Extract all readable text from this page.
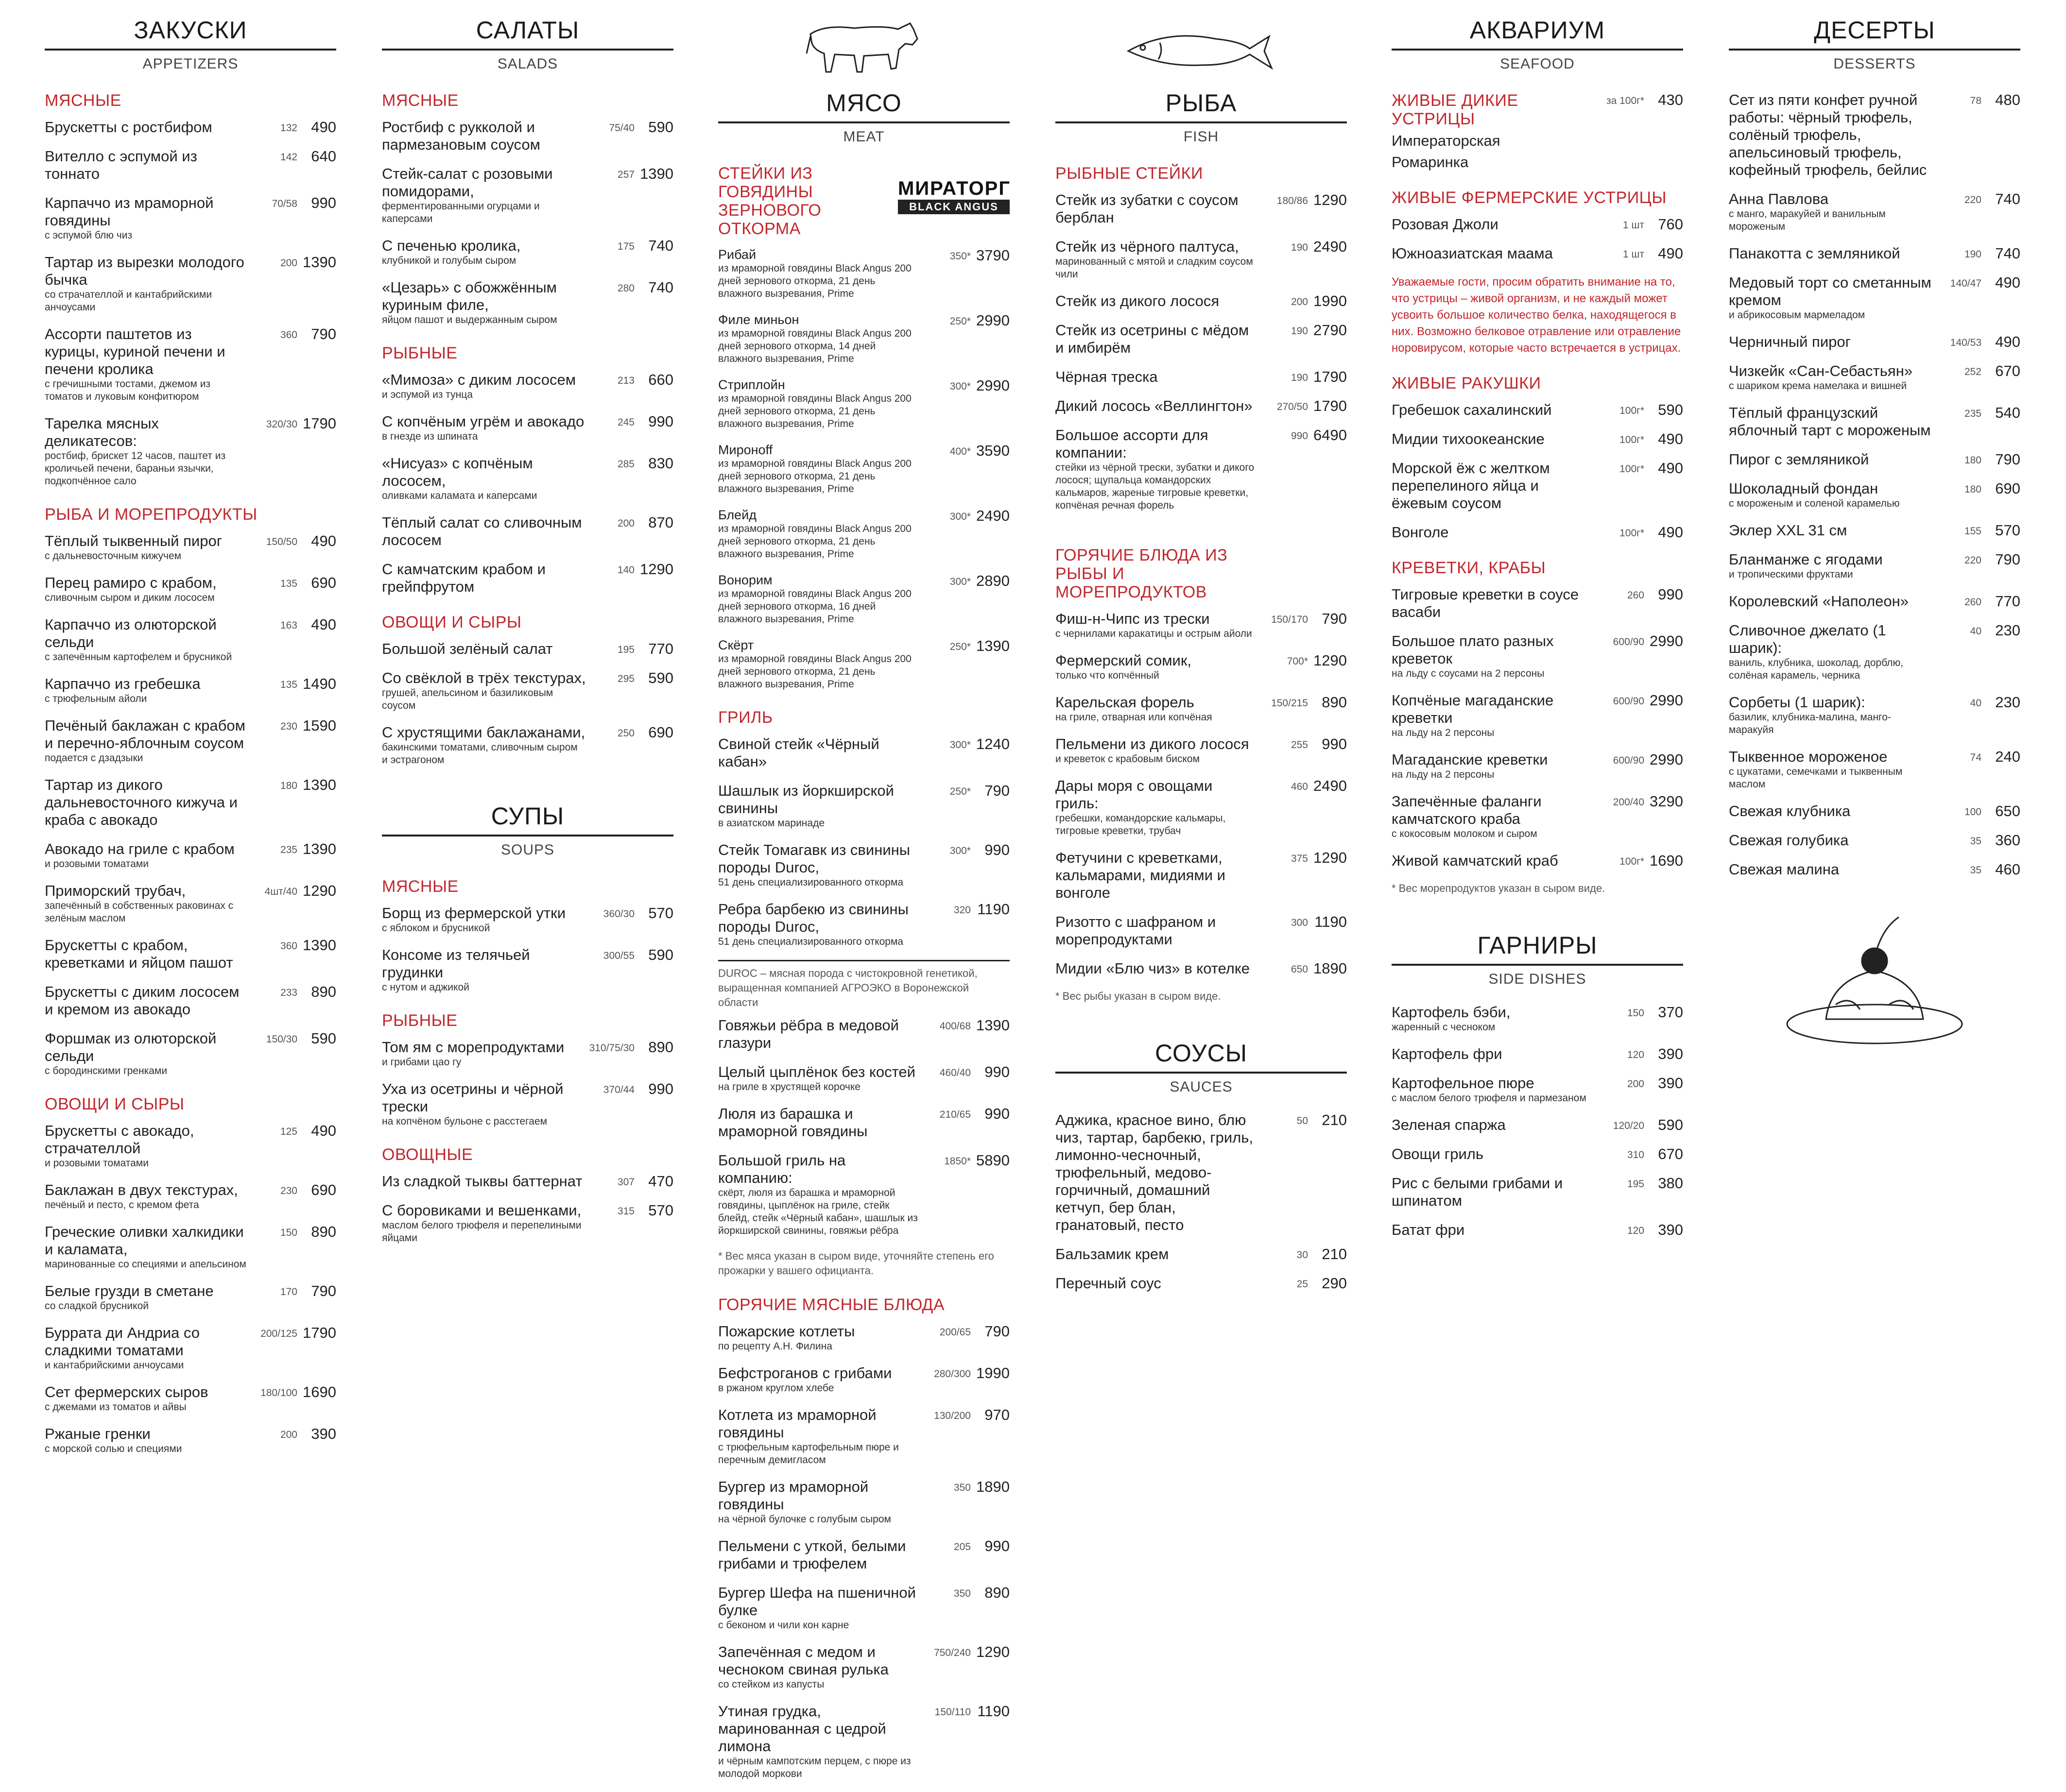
ЗАКУСКИ
APPETIZERS
МЯСНЫЕ
Брускетты с ростбифом	132 490
Вителло с эспумой из тоннато
142 640
Карпаччо из мраморной говядины
с эспумой блю чиз
70/58 990
Тартар из вырезки молодого бычка
со страчателлой и кантабрийскими анчоусами
200 1390
Ассорти паштетов из курицы, куриной печени и печени кролика
с гречишными тостами, джемом из томатов и луковым конфитюром
360 790
Тарелка мясных деликатесов:
ростбиф, брискет 12 часов, паштет из кроличьей печени, бараньи язычки, подкопчённое сало
320/30 1790
РЫБА И МОРЕПРОДУКТЫ
Тёплый тыквенный пирог
с дальневосточным кижучем
150/50 490
Перец рамиро с крабом,
сливочным сыром и диким лососем
135 690
Карпаччо из олюторской сельди
с запечённым картофелем и брусникой
163 490
Карпаччо из гребешка
с трюфельным айоли
135 1490
Печёный баклажан с крабом и перечно-яблочным соусом
подается с дзадзыки
230 1590
Тартар из дикого дальневосточного кижуча и краба с авокадо
180 1390
Авокадо на гриле с крабом
и розовыми томатами
235 1390
Приморский трубач,
запечённый в собственных раковинах с зелёным маслом
4шт/40 1290
Брускетты с крабом, креветками и яйцом пашот
360 1390
Брускетты с диким лососем и кремом из авокадо
233 890
Форшмак из олюторской сельди
с бородинскими гренками
150/30 590
ОВОЩИ И СЫРЫ
Брускетты с авокадо, страчателлой
и розовыми томатами
125 490
Баклажан в двух текстурах,
печёный и песто, с кремом фета
230 690
Греческие оливки халкидики и каламата,
маринованные со специями и апельсином
150 890
Белые грузди в сметане
со сладкой брусникой
170 790
Буррата ди Андриа со сладкими томатами
и кантабрийскими анчоусами
200/125 1790
Сет фермерских сыров
с джемами из томатов и айвы
180/100 1690
Ржаные гренки
с морской солью и специями
200 390
САЛАТЫ
SALADS
МЯСНЫЕ
Ростбиф с рукколой и пармезановым соусом
75/40 590
Стейк-салат с розовыми помидорами,
ферментированными огурцами и каперсами
257 1390
С печенью кролика,
клубникой и голубым сыром
175 740
«Цезарь» с обожжённым куриным филе,
яйцом пашот и выдержанным сыром
280 740
РЫБНЫЕ
«Мимоза» с диким лососем
и эспумой из тунца
213 660
С копчёным угрём и авокадо
в гнезде из шпината
245 990
«Нисуаз» с копчёным лососем,
оливками каламата и каперсами
285 830
Тёплый салат со сливочным лососем
200 870
С камчатским крабом и грейпфрутом
140 1290
ОВОЩИ И СЫРЫ
Большой зелёный салат	195 770
Со свёклой в трёх текстурах,
грушей, апельсином и базиликовым соусом
295 590
С хрустящими баклажанами,
бакинскими томатами, сливочным сыром и эстрагоном
250 690
СУПЫ
SOUPS
МЯСНЫЕ
Борщ из фермерской утки
с яблоком и брусникой
360/30 570
Консоме из телячьей грудинки
с нутом и аджикой
300/55 590
РЫБНЫЕ
Том ям с морепродуктами
и грибами цао гу
310/75/30 890
Уха из осетрины и чёрной трески
на копчёном бульоне с расстегаем
370/44 990
ОВОЩНЫЕ
Из сладкой тыквы баттернат	307 470
С боровиками и вешенками,
маслом белого трюфеля и перепелиными яйцами
315 570
МЯСО
MEAT
МИРАТОРГ
BLACK ANGUS
СТЕЙКИ ИЗ ГОВЯДИНЫ ЗЕРНОВОГО ОТКОРМА
Рибай
из мраморной говядины Black Angus 200 дней зернового откорма, 21 день влажного вызревания, Prime
350* 3790
Филе миньон
из мраморной говядины Black Angus 200 дней зернового откорма, 14 дней влажного вызревания, Prime
250* 2990
Стриплойн
из мраморной говядины Black Angus 200 дней зернового откорма, 21 день влажного вызревания, Prime
300* 2990
Миронoff
из мраморной говядины Black Angus 200 дней зернового откорма, 21 день влажного вызревания, Prime
400* 3590
Блейд
из мраморной говядины Black Angus 200 дней зернового откорма, 21 день влажного вызревания, Prime
300* 2490
Вонорим
из мраморной говядины Black Angus 200 дней зернового откорма, 16 дней влажного вызревания, Prime
300* 2890
Скёрт
из мраморной говядины Black Angus 200 дней зернового откорма, 21 день влажного вызревания, Prime
250* 1390
ГРИЛЬ
Свиной стейк «Чёрный кабан»
300* 1240
Шашлык из йоркширской свинины
в азиатском маринаде
250* 790
Стейк Томагавк из свинины породы Duroc,
51 день специализированного откорма
300* 990
Ребра барбекю из свинины породы Duroc,
51 день специализированного откорма
320 1190
DUROC – мясная порода с чистокровной генетикой, выращенная компанией АГРОЭКО в Воронежской области
Говяжьи рёбра в медовой глазури
400/68 1390
Целый цыплёнок без костей
на гриле в хрустящей корочке
460/40 990
Люля из барашка и мраморной говядины
210/65 990
Большой гриль на компанию:
скёрт, люля из барашка и мраморной говядины, цыплёнок на гриле, стейк блейд, стейк «Чёрный кабан», шашлык из йоркширской свинины, говяжьи рёбра
1850* 5890
* Вес мяса указан в сыром виде, уточняйте степень его прожарки у вашего официанта.
ГОРЯЧИЕ МЯСНЫЕ БЛЮДА
Пожарские котлеты
по рецепту А.Н. Филина
200/65 790
Бефстроганов с грибами
в ржаном круглом хлебе
280/300 1990
Котлета из мраморной говядины
с трюфельным картофельным пюре и перечным демигласом
130/200 970
Бургер из мраморной говядины
на чёрной булочке с голубым сыром
350 1890
Пельмени с уткой, белыми грибами и трюфелем
205 990
Бургер Шефа на пшеничной булке
с беконом и чили кон карне
350 890
Запечённая с медом и чесноком свиная рулька
со стейком из капусты
750/240 1290
Утиная грудка, маринованная с цедрой лимона
и чёрным кампотским перцем, с пюре из молодой моркови
150/110 1190
РЫБА
FISH
РЫБНЫЕ СТЕЙКИ
Стейк из зубатки с соусом берблан
180/86 1290
Стейк из чёрного палтуса,
маринованный с мятой и сладким соусом чили
190 2490
Стейк из дикого лосося	200 1990
Стейк из осетрины с мёдом и имбирём
190 2790
Чёрная треска	190 1790
Дикий лосось «Веллингтон»	270/50 1790
Большое ассорти для компании:
стейки из чёрной трески, зубатки и дикого лосося; щупальца командорских кальмаров, жареные тигровые креветки, копчёная речная форель
990 6490
ГОРЯЧИЕ БЛЮДА ИЗ РЫБЫ И МОРЕПРОДУКТОВ
Фиш-н-Чипс из трески
с чернилами каракатицы и острым айоли
150/170 790
Фермерский сомик,
только что копчённый
700* 1290
Карельская форель
на гриле, отварная или копчёная
150/215 890
Пельмени из дикого лосося
и креветок с крабовым биском
255 990
Дары моря с овощами гриль:
гребешки, командорские кальмары, тигровые креветки, трубач
460 2490
Фетучини с креветками, кальмарами, мидиями и вонголе
375 1290
Ризотто с шафраном и морепродуктами
300 1190
Мидии «Блю чиз» в котелке	650 1890
* Вес рыбы указан в сыром виде.
СОУСЫ
SAUCES
Аджика, красное вино, блю чиз, тартар, барбекю, гриль, лимонно-чесночный, трюфельный, медово-горчичный, домашний кетчуп, бер блан, гранатовый, песто
50 210
Бальзамик крем	30 210
Перечный соус	25 290
АКВАРИУМ
SEAFOOD
ЖИВЫЕ ДИКИЕ УСТРИЦЫ
за 100г* 430
Императорская
Ромаринка
ЖИВЫЕ ФЕРМЕРСКИЕ УСТРИЦЫ
Розовая Джоли	1 шт 760
Южноазиатская маама	1 шт 490
Уважаемые гости, просим обратить внимание на то, что устрицы – живой организм, и не каждый может усвоить большое количество белка, находящегося в них. Возможно белковое отравление или отравление норовирусом, которые часто встречается в устрицах.
ЖИВЫЕ РАКУШКИ
Гребешок сахалинский	100г* 590
Мидии тихоокеанские	100г* 490
Морской ёж с желтком перепелиного яйца и ёжевым соусом
100г* 490
Вонголе	100г* 490
КРЕВЕТКИ, КРАБЫ
Тигровые креветки в соусе васаби
260 990
Большое плато разных креветок
на льду с соусами на 2 персоны
600/90 2990
Копчёные магаданские креветки
на льду на 2 персоны
600/90 2990
Магаданские креветки
на льду на 2 персоны
600/90 2990
Запечённые фаланги камчатского краба
с кокосовым молоком и сыром
200/40 3290
Живой камчатский краб	100г* 1690
* Вес морепродуктов указан в сыром виде.
ГАРНИРЫ
SIDE DISHES
Картофель бэби,
жаренный с чесноком
150 370
Картофель фри	120 390
Картофельное пюре
с маслом белого трюфеля и пармезаном
200 390
Зеленая спаржа	120/20 590
Овощи гриль	310 670
Рис с белыми грибами и шпинатом
195 380
Батат фри	120 390
ДЕСЕРТЫ
DESSERTS
Сет из пяти конфет ручной работы: чёрный трюфель, солёный трюфель, апельсиновый трюфель, кофейный трюфель, бейлис
78 480
Анна Павлова
с манго, маракуйей и ванильным мороженым
220 740
Панакотта с земляникой	190 740
Медовый торт со сметанным кремом
и абрикосовым мармеладом
140/47 490
Черничный пирог	140/53 490
Чизкейк «Сан-Себастьян»
с шариком крема намелака и вишней
252 670
Тёплый французский яблочный тарт с мороженым
235 540
Пирог с земляникой	180 790
Шоколадный фондан
с мороженым и соленой карамелью
180 690
Эклер XXL 31 см	155 570
Бланманже с ягодами
и тропическими фруктами
220 790
Королевский «Наполеон»	260 770
Сливочное джелато (1 шарик):
ваниль, клубника, шоколад, дорблю, солёная карамель, черника
40 230
Сорбеты (1 шарик):
базилик, клубника-малина, манго-маракуйя
40 230
Тыквенное мороженое
с цукатами, семечками и тыквенным маслом
74 240
Свежая клубника	100 650
Свежая голубика	35 360
Свежая малина	35 460
